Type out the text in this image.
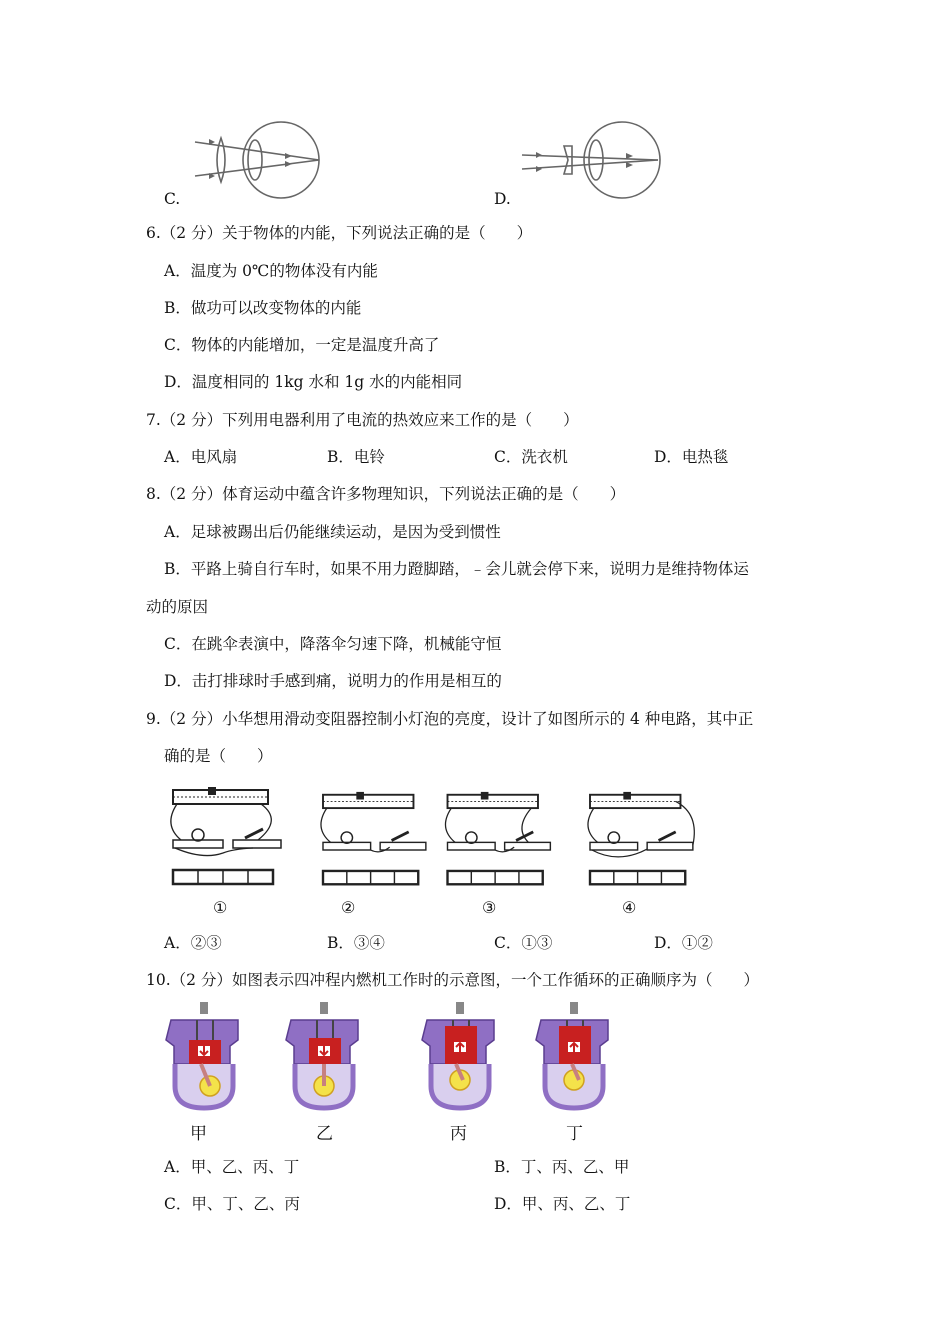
C.	D.
6.（2 分）关于物体的内能，下列说法正确的是（　　）
A．温度为 0℃的物体没有内能
B．做功可以改变物体的内能
C．物体的内能增加，一定是温度升高了
D．温度相同的 1kg 水和 1g 水的内能相同
7.（2 分）下列用电器利用了电流的热效应来工作的是（　　）
A．电风扇	B．电铃	C．洗衣机	D．电热毯
8.（2 分）体育运动中蕴含许多物理知识，下列说法正确的是（　　）
A．足球被踢出后仍能继续运动，是因为受到惯性
B．平路上骑自行车时，如果不用力蹬脚踏，﹣会儿就会停下来，说明力是维持物体运
动的原因
C．在跳伞表演中，降落伞匀速下降，机械能守恒
D．击打排球时手感到痛，说明力的作用是相互的
9.（2 分）小华想用滑动变阻器控制小灯泡的亮度，设计了如图所示的 4 种电路，其中正
确的是（　　）
①	②	③	④
A．②③	B．③④	C．①③	D．①②
10.（2 分）如图表示四冲程内燃机工作时的示意图，一个工作循环的正确顺序为（　　）
甲	乙	丙	丁
A．甲、乙、丙、丁	B．丁、丙、乙、甲
C．甲、丁、乙、丙	D．甲、丙、乙、丁
